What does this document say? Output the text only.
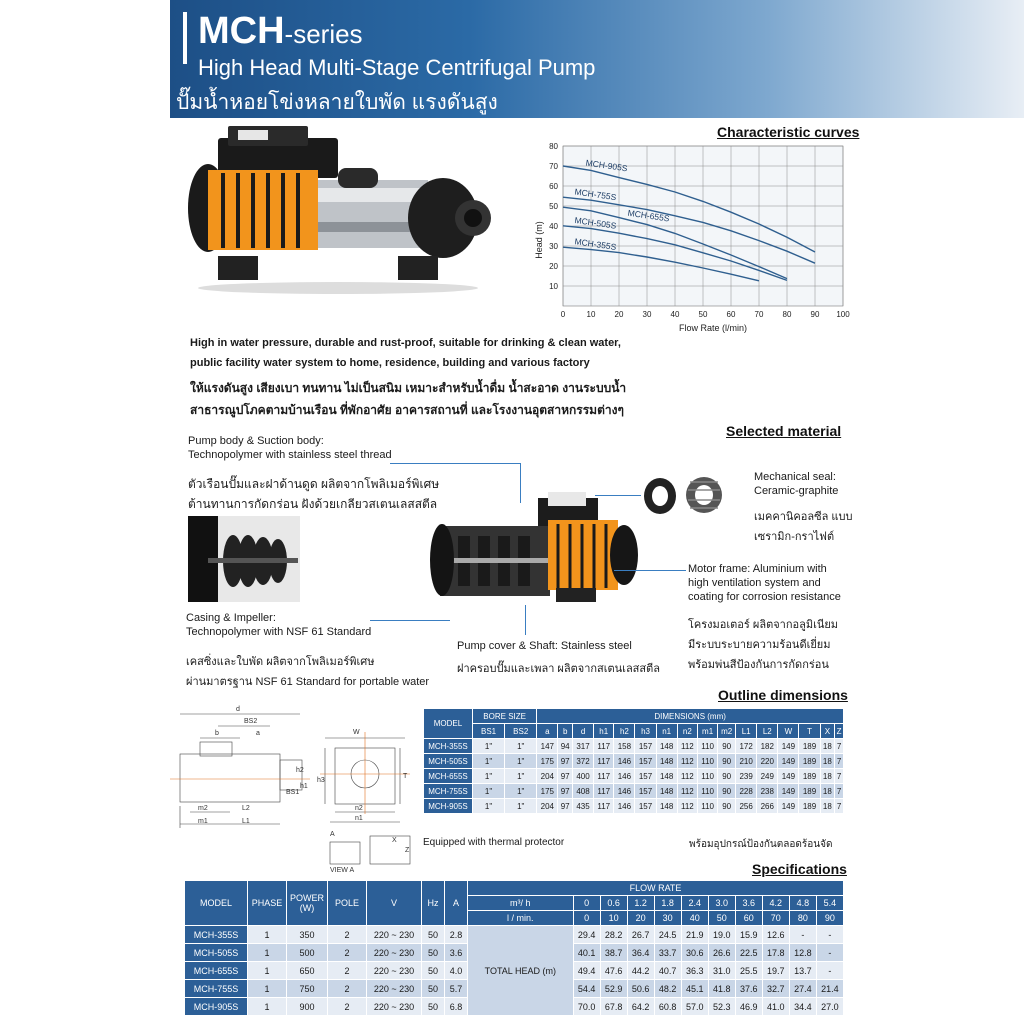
MCH-series
High Head Multi-Stage Centrifugal Pump
ปั๊มน้ำหอยโข่งหลายใบพัด แรงดันสูง
Characteristic curves
0	10 20 30 40 50 60 70 80 90 100
10
20
30
40
50
60
70
80
MCH-905S
MCH-755S
MCH-655S
MCH-505S
MCH-355S
Head (m)
Flow Rate (l/min)
High in water pressure, durable and rust-proof, suitable for drinking & clean water,
public facility water system to home, residence, building and various factory
ให้แรงดันสูง เสียงเบา ทนทาน ไม่เป็นสนิม เหมาะสำหรับน้ำดื่ม น้ำสะอาด งานระบบน้ำ
สาธารณูปโภคตามบ้านเรือน ที่พักอาศัย อาคารสถานที่ และโรงงานอุตสาหกรรมต่างๆ
Selected material
Pump body & Suction body:
Technopolymer with stainless steel thread
ตัวเรือนปั๊มและฝาด้านดูด ผลิตจากโพลิเมอร์พิเศษ
ต้านทานการกัดกร่อน ฝังด้วยเกลียวสเตนเลสสตีล
Casing & Impeller:
Technopolymer with NSF 61 Standard
เคสซิ่งและใบพัด ผลิตจากโพลิเมอร์พิเศษ
ผ่านมาตรฐาน NSF 61 Standard for portable water
Mechanical seal:
Ceramic-graphite
เมคคานิคอลซีล แบบ
เซรามิก-กราไฟต์
Motor frame: Aluminium with
high ventilation system and
coating for corrosion resistance
โครงมอเตอร์ ผลิตจากอลูมิเนียม
มีระบบระบายความร้อนดีเยี่ยม
พร้อมพ่นสีป้องกันการกัดกร่อน
Pump cover & Shaft: Stainless steel
ฝาครอบปั๊มและเพลา ผลิตจากสเตนเลสสตีล
Outline dimensions
d
BS2
b	a
BS1
h1
h2
h3
T
m2
m1
L2
L1
W
n2
n1
A
X
Z
VIEW A
MODEL	BORE SIZE		DIMENSIONS (mm)															
	BS1	BS2	a	b	d	h1	h2	h3	n1	n2	m1	m2	L1	L2	W	T	X	Z
MCH-355S	1"	1"	147	94	317	117	158	157	148	112	110	90	172	182	149	189	18	7
MCH-505S	1"	1"	175	97	372	117	146	157	148	112	110	90	210	220	149	189	18	7
MCH-655S	1"	1"	204	97	400	117	146	157	148	112	110	90	239	249	149	189	18	7
MCH-755S	1"	1"	175	97	408	117	146	157	148	112	110	90	228	238	149	189	18	7
MCH-905S	1"	1"	204	97	435	117	146	157	148	112	110	90	256	266	149	189	18	7
Equipped with thermal protector	พร้อมอุปกรณ์ป้องกันตลอดร้อนจัด
Specifications
MODEL	PHASE	POWER (W)	POLE	V	Hz	A	FLOW RATE										
							m³/ h	0	0.6	1.2	1.8	2.4	3.0	3.6	4.2	4.8	5.4
							l / min.	0	10	20	30	40	50	60	70	80	90
MCH-355S	1	350	2	220 ~ 230	50	2.8	TOTAL HEAD (m)	29.4	28.2	26.7	24.5	21.9	19.0	15.9	12.6	-	-
MCH-505S	1	500	2	220 ~ 230	50	3.6		40.1	38.7	36.4	33.7	30.6	26.6	22.5	17.8	12.8	-
MCH-655S	1	650	2	220 ~ 230	50	4.0		49.4	47.6	44.2	40.7	36.3	31.0	25.5	19.7	13.7	-
MCH-755S	1	750	2	220 ~ 230	50	5.7		54.4	52.9	50.6	48.2	45.1	41.8	37.6	32.7	27.4	21.4
MCH-905S	1	900	2	220 ~ 230	50	6.8		70.0	67.8	64.2	60.8	57.0	52.3	46.9	41.0	34.4	27.0
